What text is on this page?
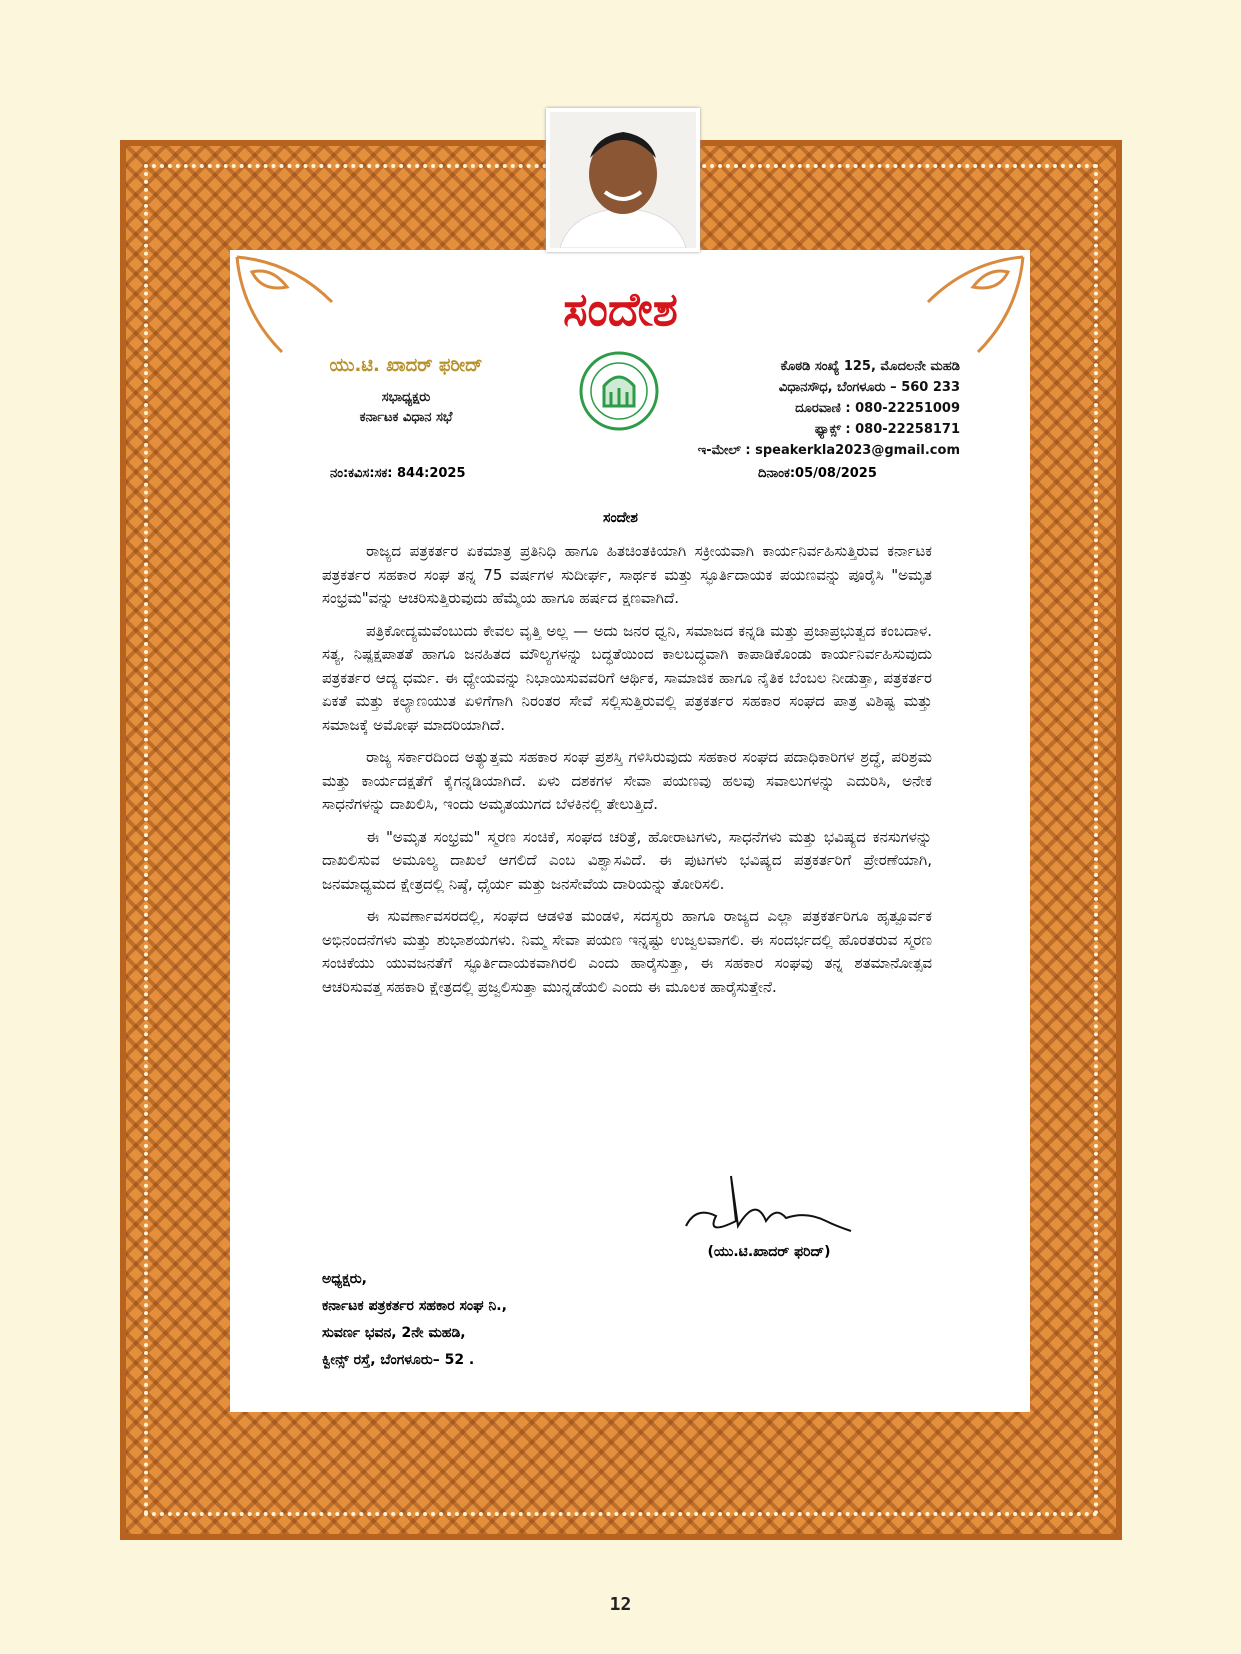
ಸಂದೇಶ
ಯು.ಟಿ. ಖಾದರ್ ಫರೀದ್
ಸಭಾಧ್ಯಕ್ಷರು
ಕರ್ನಾಟಕ ವಿಧಾನ ಸಭೆ
ಕೊಠಡಿ ಸಂಖ್ಯೆ 125, ಮೊದಲನೇ ಮಹಡಿ
ವಿಧಾನಸೌಧ, ಬೆಂಗಳೂರು – 560 233
ದೂರವಾಣಿ : 080-22251009
ಫ್ಯಾಕ್ಸ್ : 080-22258171
ಇ-ಮೇಲ್ : speakerkla2023@gmail.com
ನಂ:ಕವಿಸ:ಸಕ: 844:2025	ದಿನಾಂಕ:05/08/2025
ಸಂದೇಶ

ರಾಜ್ಯದ ಪತ್ರಕರ್ತರ ಏಕಮಾತ್ರ ಪ್ರತಿನಿಧಿ ಹಾಗೂ ಹಿತಚಿಂತಕಿಯಾಗಿ ಸಕ್ರೀಯವಾಗಿ ಕಾರ್ಯನಿರ್ವಹಿಸುತ್ತಿರುವ ಕರ್ನಾಟಕ ಪತ್ರಕರ್ತರ ಸಹಕಾರ ಸಂಘ ತನ್ನ 75 ವರ್ಷಗಳ ಸುದೀರ್ಘ, ಸಾರ್ಥಕ ಮತ್ತು ಸ್ಫೂರ್ತಿದಾಯಕ ಪಯಣವನ್ನು ಪೂರೈಸಿ "ಅಮೃತ ಸಂಭ್ರಮ"ವನ್ನು ಆಚರಿಸುತ್ತಿರುವುದು ಹೆಮ್ಮೆಯ ಹಾಗೂ ಹರ್ಷದ ಕ್ಷಣವಾಗಿದೆ.

ಪತ್ರಿಕೋದ್ಯಮವೆಂಬುದು ಕೇವಲ ವೃತ್ತಿ ಅಲ್ಲ — ಅದು ಜನರ ಧ್ವನಿ, ಸಮಾಜದ ಕನ್ನಡಿ ಮತ್ತು ಪ್ರಜಾಪ್ರಭುತ್ವದ ಕಂಬದಾಳ. ಸತ್ಯ, ನಿಷ್ಪಕ್ಷಪಾತತೆ ಹಾಗೂ ಜನಹಿತದ ಮೌಲ್ಯಗಳನ್ನು ಬದ್ಧತೆಯಿಂದ ಕಾಲಬದ್ಧವಾಗಿ ಕಾಪಾಡಿಕೊಂಡು ಕಾರ್ಯನಿರ್ವಹಿಸುವುದು ಪತ್ರಕರ್ತರ ಆದ್ಯ ಧರ್ಮ. ಈ ಧ್ಯೇಯವನ್ನು ನಿಭಾಯಿಸುವವರಿಗೆ ಆರ್ಥಿಕ, ಸಾಮಾಜಿಕ ಹಾಗೂ ನೈತಿಕ ಬೆಂಬಲ ನೀಡುತ್ತಾ, ಪತ್ರಕರ್ತರ ಏಕತೆ ಮತ್ತು ಕಲ್ಯಾಣಯುತ ಏಳಿಗೆಗಾಗಿ ನಿರಂತರ ಸೇವೆ ಸಲ್ಲಿಸುತ್ತಿರುವಲ್ಲಿ ಪತ್ರಕರ್ತರ ಸಹಕಾರ ಸಂಘದ ಪಾತ್ರ ವಿಶಿಷ್ಟ ಮತ್ತು ಸಮಾಜಕ್ಕೆ ಅಮೋಘ ಮಾದರಿಯಾಗಿದೆ.

ರಾಜ್ಯ ಸರ್ಕಾರದಿಂದ ಅತ್ಯುತ್ತಮ ಸಹಕಾರ ಸಂಘ ಪ್ರಶಸ್ತಿ ಗಳಿಸಿರುವುದು ಸಹಕಾರ ಸಂಘದ ಪದಾಧಿಕಾರಿಗಳ ಶ್ರದ್ಧೆ, ಪರಿಶ್ರಮ ಮತ್ತು ಕಾರ್ಯದಕ್ಷತೆಗೆ ಕೈಗನ್ನಡಿಯಾಗಿದೆ. ಏಳು ದಶಕಗಳ ಸೇವಾ ಪಯಣವು ಹಲವು ಸವಾಲುಗಳನ್ನು ಎದುರಿಸಿ, ಅನೇಕ ಸಾಧನೆಗಳನ್ನು ದಾಖಲಿಸಿ, ಇಂದು ಅಮೃತಯುಗದ ಬೆಳಕಿನಲ್ಲಿ ತೇಲುತ್ತಿದೆ.

ಈ "ಅಮೃತ ಸಂಭ್ರಮ" ಸ್ಮರಣ ಸಂಚಿಕೆ, ಸಂಘದ ಚರಿತ್ರೆ, ಹೋರಾಟಗಳು, ಸಾಧನೆಗಳು ಮತ್ತು ಭವಿಷ್ಯದ ಕನಸುಗಳನ್ನು ದಾಖಲಿಸುವ ಅಮೂಲ್ಯ ದಾಖಲೆ ಆಗಲಿದೆ ಎಂಬ ವಿಶ್ವಾಸವಿದೆ. ಈ ಪುಟಗಳು ಭವಿಷ್ಯದ ಪತ್ರಕರ್ತರಿಗೆ ಪ್ರೇರಣೆಯಾಗಿ, ಜನಮಾಧ್ಯಮದ ಕ್ಷೇತ್ರದಲ್ಲಿ ನಿಷ್ಠೆ, ಧೈರ್ಯ ಮತ್ತು ಜನಸೇವೆಯ ದಾರಿಯನ್ನು ತೋರಿಸಲಿ.

ಈ ಸುವರ್ಣಾವಸರದಲ್ಲಿ, ಸಂಘದ ಆಡಳಿತ ಮಂಡಳಿ, ಸದಸ್ಯರು ಹಾಗೂ ರಾಜ್ಯದ ಎಲ್ಲಾ ಪತ್ರಕರ್ತರಿಗೂ ಹೃತ್ಪೂರ್ವಕ ಅಭಿನಂದನೆಗಳು ಮತ್ತು ಶುಭಾಶಯಗಳು. ನಿಮ್ಮ ಸೇವಾ ಪಯಣ ಇನ್ನಷ್ಟು ಉಜ್ವಲವಾಗಲಿ. ಈ ಸಂದರ್ಭದಲ್ಲಿ ಹೊರತರುವ ಸ್ಮರಣ ಸಂಚಿಕೆಯು ಯುವಜನತೆಗೆ ಸ್ಫೂರ್ತಿದಾಯಕವಾಗಿರಲಿ ಎಂದು ಹಾರೈಸುತ್ತಾ, ಈ ಸಹಕಾರ ಸಂಘವು ತನ್ನ ಶತಮಾನೋತ್ಸವ ಆಚರಿಸುವತ್ತ ಸಹಕಾರಿ ಕ್ಷೇತ್ರದಲ್ಲಿ ಪ್ರಜ್ವಲಿಸುತ್ತಾ ಮುನ್ನಡೆಯಲಿ ಎಂದು ಈ ಮೂಲಕ ಹಾರೈಸುತ್ತೇನೆ.

(ಯು.ಟಿ.ಖಾದರ್ ಫರಿದ್)
ಅಧ್ಯಕ್ಷರು,
ಕರ್ನಾಟಕ ಪತ್ರಕರ್ತರ ಸಹಕಾರ ಸಂಘ ನಿ.,
ಸುವರ್ಣ ಭವನ, 2ನೇ ಮಹಡಿ,
ಕ್ವೀನ್ಸ್ ರಸ್ತೆ, ಬೆಂಗಳೂರು– 52 .
12
